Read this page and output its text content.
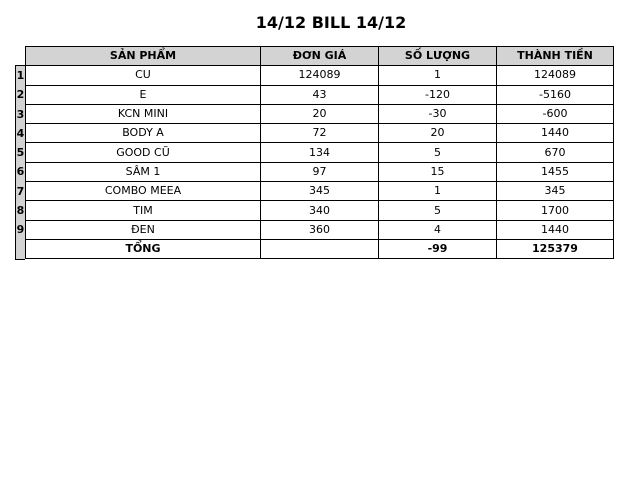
14/12 BILL 14/12
1
2
3
4
5
6
7
8
9
SẢN PHẨM	ĐƠN GIÁ	SỐ LƯỢNG	THÀNH TIỀN
CU	124089	1	124089
E	43	-120	-5160
KCN MINI	20	-30	-600
BODY A	72	20	1440
GOOD CŨ	134	5	670
SÂM 1	97	15	1455
COMBO MEEA	345	1	345
TIM	340	5	1700
ĐEN	360	4	1440
TỔNG		-99	125379
